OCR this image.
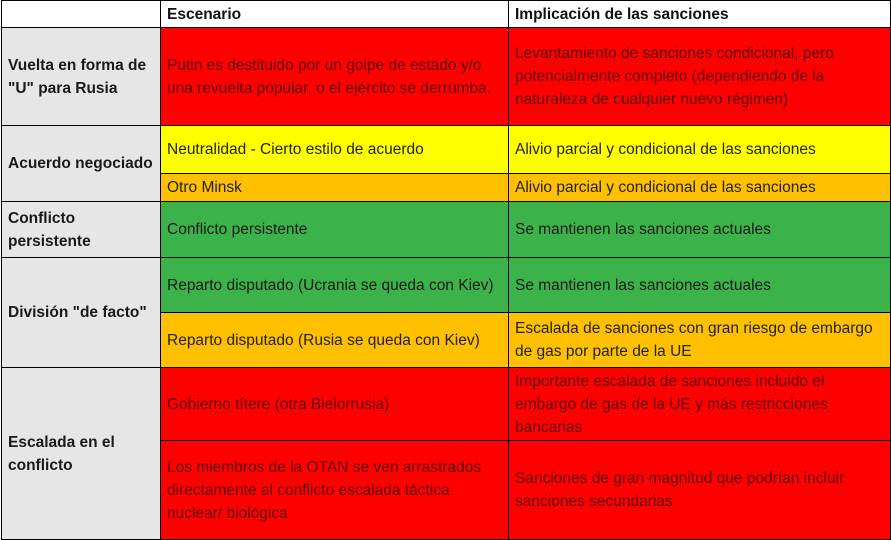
	Escenario	Implicación de las sanciones
Vuelta en forma de "U" para Rusia	Putin es destituido por un golpe de estado y/o una revuelta popular, o el ejército se derrumba.	Levantamiento de sanciones condicional, pero potencialmente completo (dependiendo de la naturaleza de cualquier nuevo régimen)
Acuerdo negociado	Neutralidad - Cierto estilo de acuerdo	Alivio parcial y condicional de las sanciones
	Otro Minsk	Alivio parcial y condicional de las sanciones
Conflicto persistente	Conflicto persistente	Se mantienen las sanciones actuales
División "de facto"	Reparto disputado (Ucrania se queda con Kiev)	Se mantienen las sanciones actuales
	Reparto disputado (Rusia se queda con Kiev)	Escalada de sanciones con gran riesgo de embargo de gas por parte de la UE
Escalada en el conflicto	Gobierno títere (otra Bielorrusia)	Importante escalada de sanciones incluido el embargo de gas de la UE y más restricciones bancarias
	Los miembros de la OTAN se ven arrastrados directamente al conflicto escalada táctica nuclear/ biológica	Sanciones de gran magnitud que podrían incluir sanciones secundarias
